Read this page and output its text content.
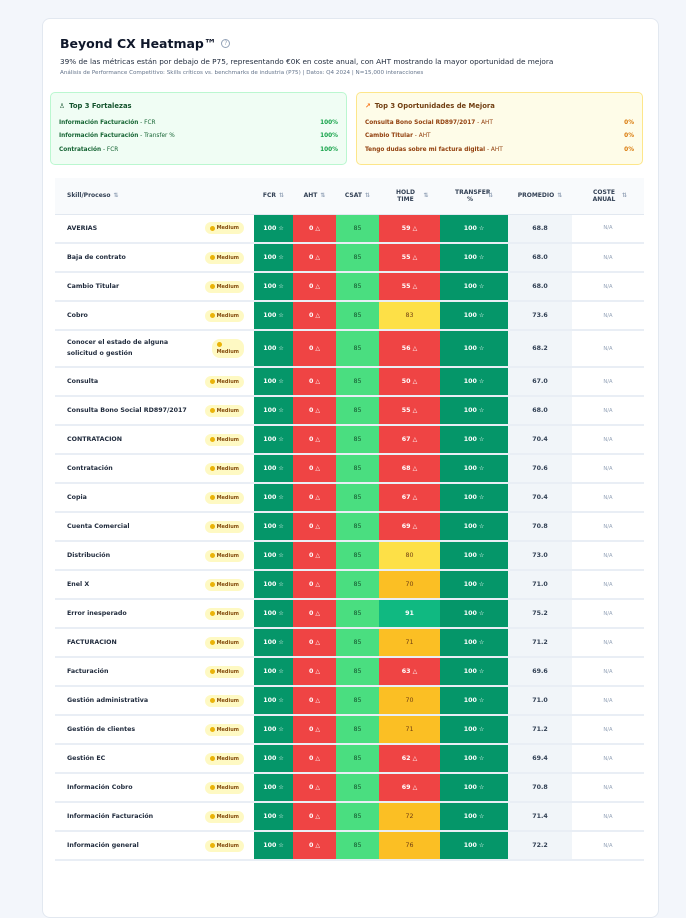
Beyond CX Heatmap™	?
39% de las métricas están por debajo de P75, representando €0K en coste anual, con AHT mostrando la mayor oportunidad de mejora
Análisis de Performance Competitivo: Skills críticos vs. benchmarks de industria (P75) | Datos: Q4 2024 | N=15,000 interacciones
♙ Top 3 Fortalezas
Información Facturación - FCR	100%
Información Facturación - Transfer %	100%
Contratación - FCR	100%
↗ Top 3 Oportunidades de Mejora
Consulta Bono Social RD897/2017 - AHT	0%
Cambio Titular - AHT	0%
Tengo dudas sobre mi factura digital - AHT	0%
Skill/Proceso ⇅	FCR ⇅	AHT ⇅	CSAT ⇅	HOLD TIME ⇅	TRANSFER % ⇅	PROMEDIO ⇅	COSTE ANUAL ⇅

AVERIAS Medium	100 ☆	0 △	85	59 △	100 ☆	68.8	N/A

Baja de contrato Medium	100 ☆	0 △	85	55 △	100 ☆	68.0	N/A

Cambio Titular Medium	100 ☆	0 △	85	55 △	100 ☆	68.0	N/A

Cobro Medium	100 ☆	0 △	85	83	100 ☆	73.6	N/A

Conocer el estado de alguna solicitud o gestión Medium	100 ☆	0 △	85	56 △	100 ☆	68.2	N/A

Consulta Medium	100 ☆	0 △	85	50 △	100 ☆	67.0	N/A

Consulta Bono Social RD897/2017 Medium	100 ☆	0 △	85	55 △	100 ☆	68.0	N/A

CONTRATACION Medium	100 ☆	0 △	85	67 △	100 ☆	70.4	N/A

Contratación Medium	100 ☆	0 △	85	68 △	100 ☆	70.6	N/A

Copia Medium	100 ☆	0 △	85	67 △	100 ☆	70.4	N/A

Cuenta Comercial Medium	100 ☆	0 △	85	69 △	100 ☆	70.8	N/A

Distribución Medium	100 ☆	0 △	85	80	100 ☆	73.0	N/A

Enel X Medium	100 ☆	0 △	85	70	100 ☆	71.0	N/A

Error inesperado Medium	100 ☆	0 △	85	91	100 ☆	75.2	N/A

FACTURACION Medium	100 ☆	0 △	85	71	100 ☆	71.2	N/A

Facturación Medium	100 ☆	0 △	85	63 △	100 ☆	69.6	N/A

Gestión administrativa Medium	100 ☆	0 △	85	70	100 ☆	71.0	N/A

Gestión de clientes Medium	100 ☆	0 △	85	71	100 ☆	71.2	N/A

Gestión EC Medium	100 ☆	0 △	85	62 △	100 ☆	69.4	N/A

Información Cobro Medium	100 ☆	0 △	85	69 △	100 ☆	70.8	N/A

Información Facturación Medium	100 ☆	0 △	85	72	100 ☆	71.4	N/A

Información general Medium	100 ☆	0 △	85	76	100 ☆	72.2	N/A
